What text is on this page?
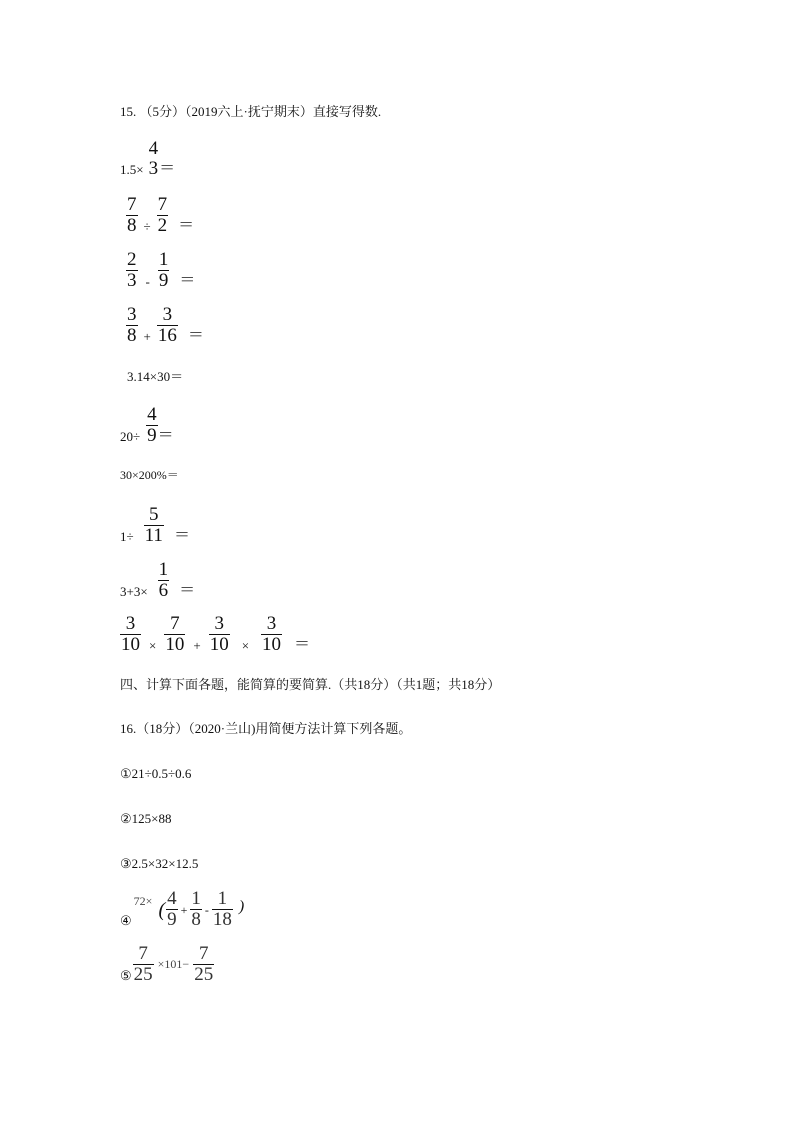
15. （5分）（2019六上·抚宁期末）直接写得数.
1.5×
4
3 ＝
$\frac{7}{8} \div \frac{7}{2}$ ＝
$\frac{2}{3} - \frac{1}{9}$ ＝
$\frac{3}{8} + \frac{3}{16}$ ＝
3.14×30＝
$20\div \frac{4}{9}$ ＝
30×200%＝
$1\div \frac{5}{11}$ ＝
$3+3\times \frac{1}{6}$ ＝
$\frac{3}{10} \times \frac{7}{10} + \frac{3}{10} \times \frac{3}{10}$ ＝
四、计算下面各题，能简算的要简算.（共18分）（共1题；共18分）
16.（18分）（2020·兰山)用简便方法计算下列各题。
①21÷0.5÷0.6
②125×88
③2.5×32×12.5
④
72× ( $\frac{4}{9} + \frac{1}{8} - \frac{1}{18}$ )
⑤ $\frac{7}{25} \times 101- \frac{7}{25}$
